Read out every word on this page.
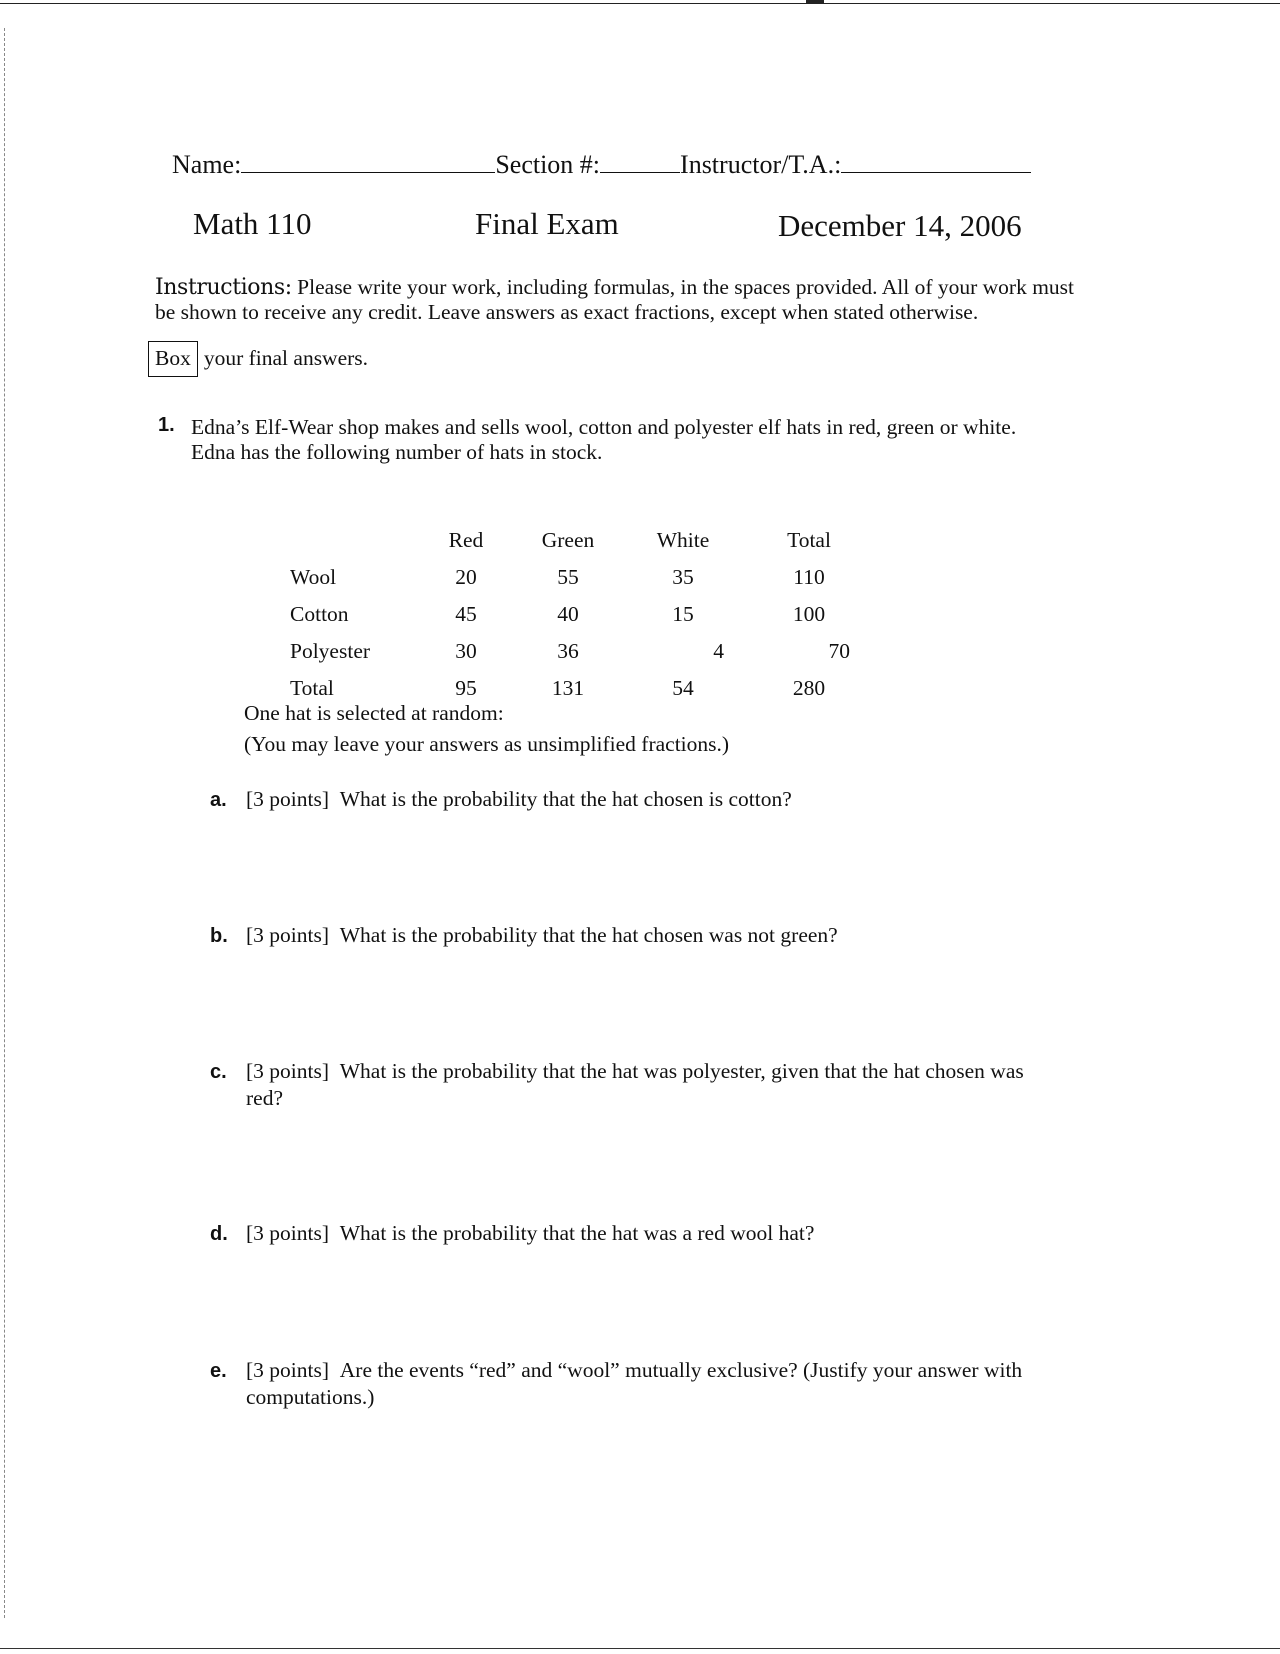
Name:	Section #:	Instructor/T.A.:
Math 110	Final Exam	December 14, 2006
Instructions: Please write your work, including formulas, in the spaces provided. All of your work must be shown to receive any credit. Leave answers as exact fractions, except when stated otherwise.
Box your final answers.
1. Edna’s Elf-Wear shop makes and sells wool, cotton and polyester elf hats in red, green or white.
Edna has the following number of hats in stock.
	Red	Green	White	Total
Wool	20	55	35	110
Cotton	45	40	15	100
Polyester	30	36	4	70
Total	95	131	54	280
One hat is selected at random:
(You may leave your answers as unsimplified fractions.)
a. [3 points] What is the probability that the hat chosen is cotton?
b. [3 points] What is the probability that the hat chosen was not green?
c. [3 points] What is the probability that the hat was polyester, given that the hat chosen was
red?
d. [3 points] What is the probability that the hat was a red wool hat?
e. [3 points] Are the events “red” and “wool” mutually exclusive? (Justify your answer with
computations.)
